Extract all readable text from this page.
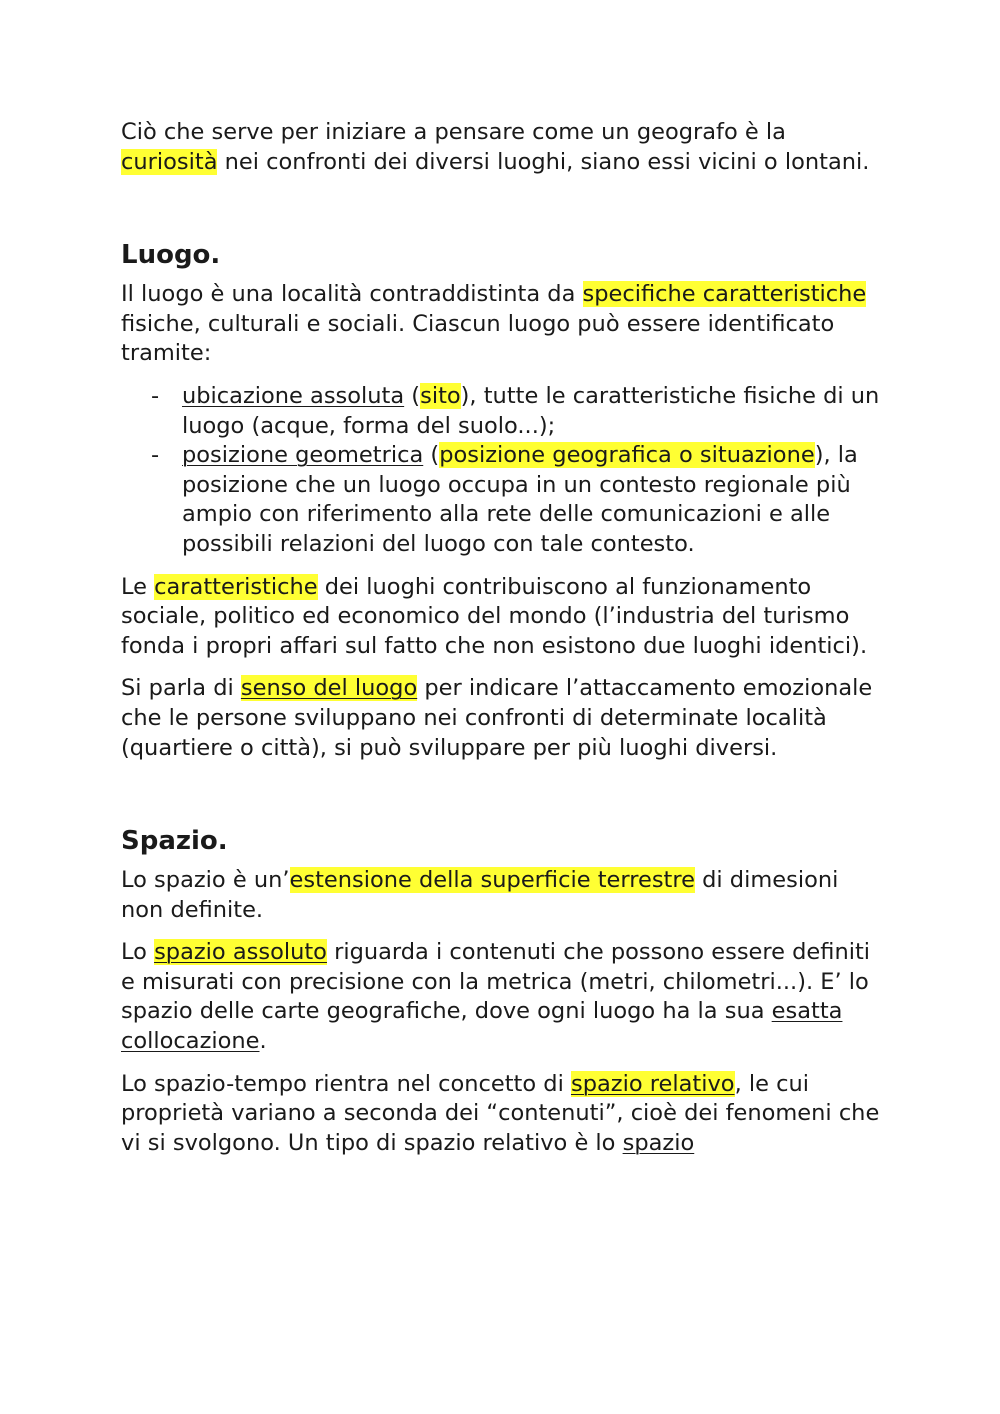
Ciò che serve per iniziare a pensare come un geografo è la curiosità nei confronti dei diversi luoghi, siano essi vicini o lontani.

Luogo.

Il luogo è una località contraddistinta da specifiche caratteristiche fisiche, culturali e sociali. Ciascun luogo può essere identificato tramite:

- ubicazione assoluta (sito), tutte le caratteristiche fisiche di un luogo (acque, forma del suolo...);
- posizione geometrica (posizione geografica o situazione), la posizione che un luogo occupa in un contesto regionale più ampio con riferimento alla rete delle comunicazioni e alle possibili relazioni del luogo con tale contesto.

Le caratteristiche dei luoghi contribuiscono al funzionamento sociale, politico ed economico del mondo (l’industria del turismo fonda i propri affari sul fatto che non esistono due luoghi identici).

Si parla di senso del luogo per indicare l’attaccamento emozionale che le persone sviluppano nei confronti di determinate località (quartiere o città), si può sviluppare per più luoghi diversi.

Spazio.

Lo spazio è un’estensione della superficie terrestre di dimesioni non definite.

Lo spazio assoluto riguarda i contenuti che possono essere definiti e misurati con precisione con la metrica (metri, chilometri...). E’ lo spazio delle carte geografiche, dove ogni luogo ha la sua esatta collocazione.

Lo spazio-tempo rientra nel concetto di spazio relativo, le cui proprietà variano a seconda dei “contenuti”, cioè dei fenomeni che vi si svolgono. Un tipo di spazio relativo è lo spazio
